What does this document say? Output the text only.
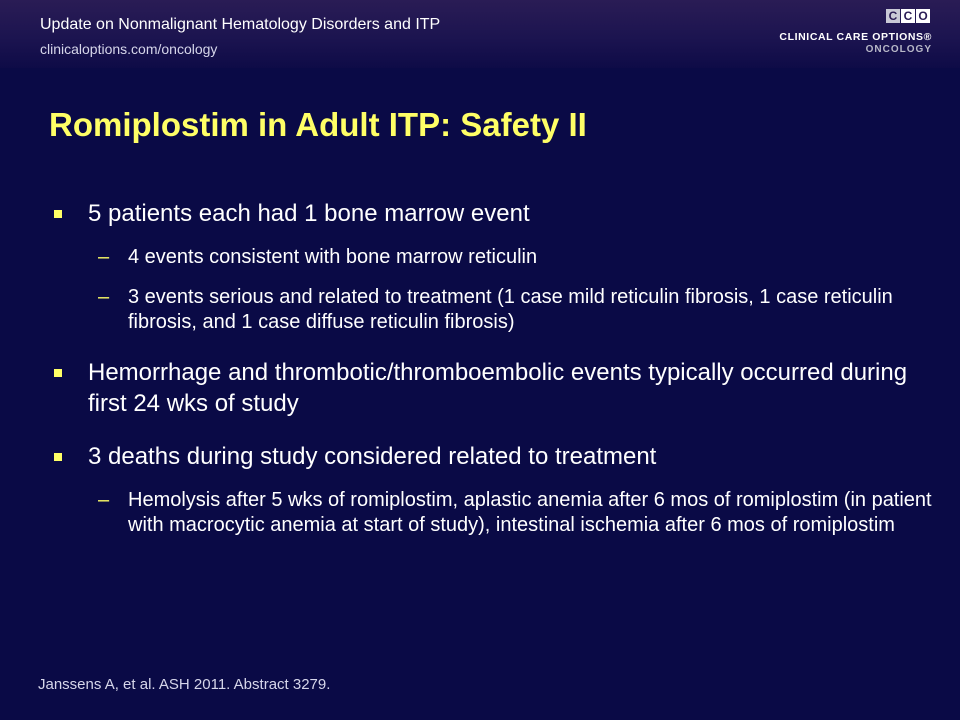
Update on Nonmalignant Hematology Disorders and ITP
clinicaloptions.com/oncology
C C O
CLINICAL CARE OPTIONS®
ONCOLOGY
Romiplostim in Adult ITP: Safety II
5 patients each had 1 bone marrow event
– 4 events consistent with bone marrow reticulin
– 3 events serious and related to treatment (1 case mild reticulin fibrosis, 1 case reticulin fibrosis, and 1 case diffuse reticulin fibrosis)
Hemorrhage and thrombotic/thromboembolic events typically occurred during first 24 wks of study
3 deaths during study considered related to treatment
– Hemolysis after 5 wks of romiplostim, aplastic anemia after 6 mos of romiplostim (in patient with macrocytic anemia at start of study), intestinal ischemia after 6 mos of romiplostim
Janssens A, et al. ASH 2011. Abstract 3279.
